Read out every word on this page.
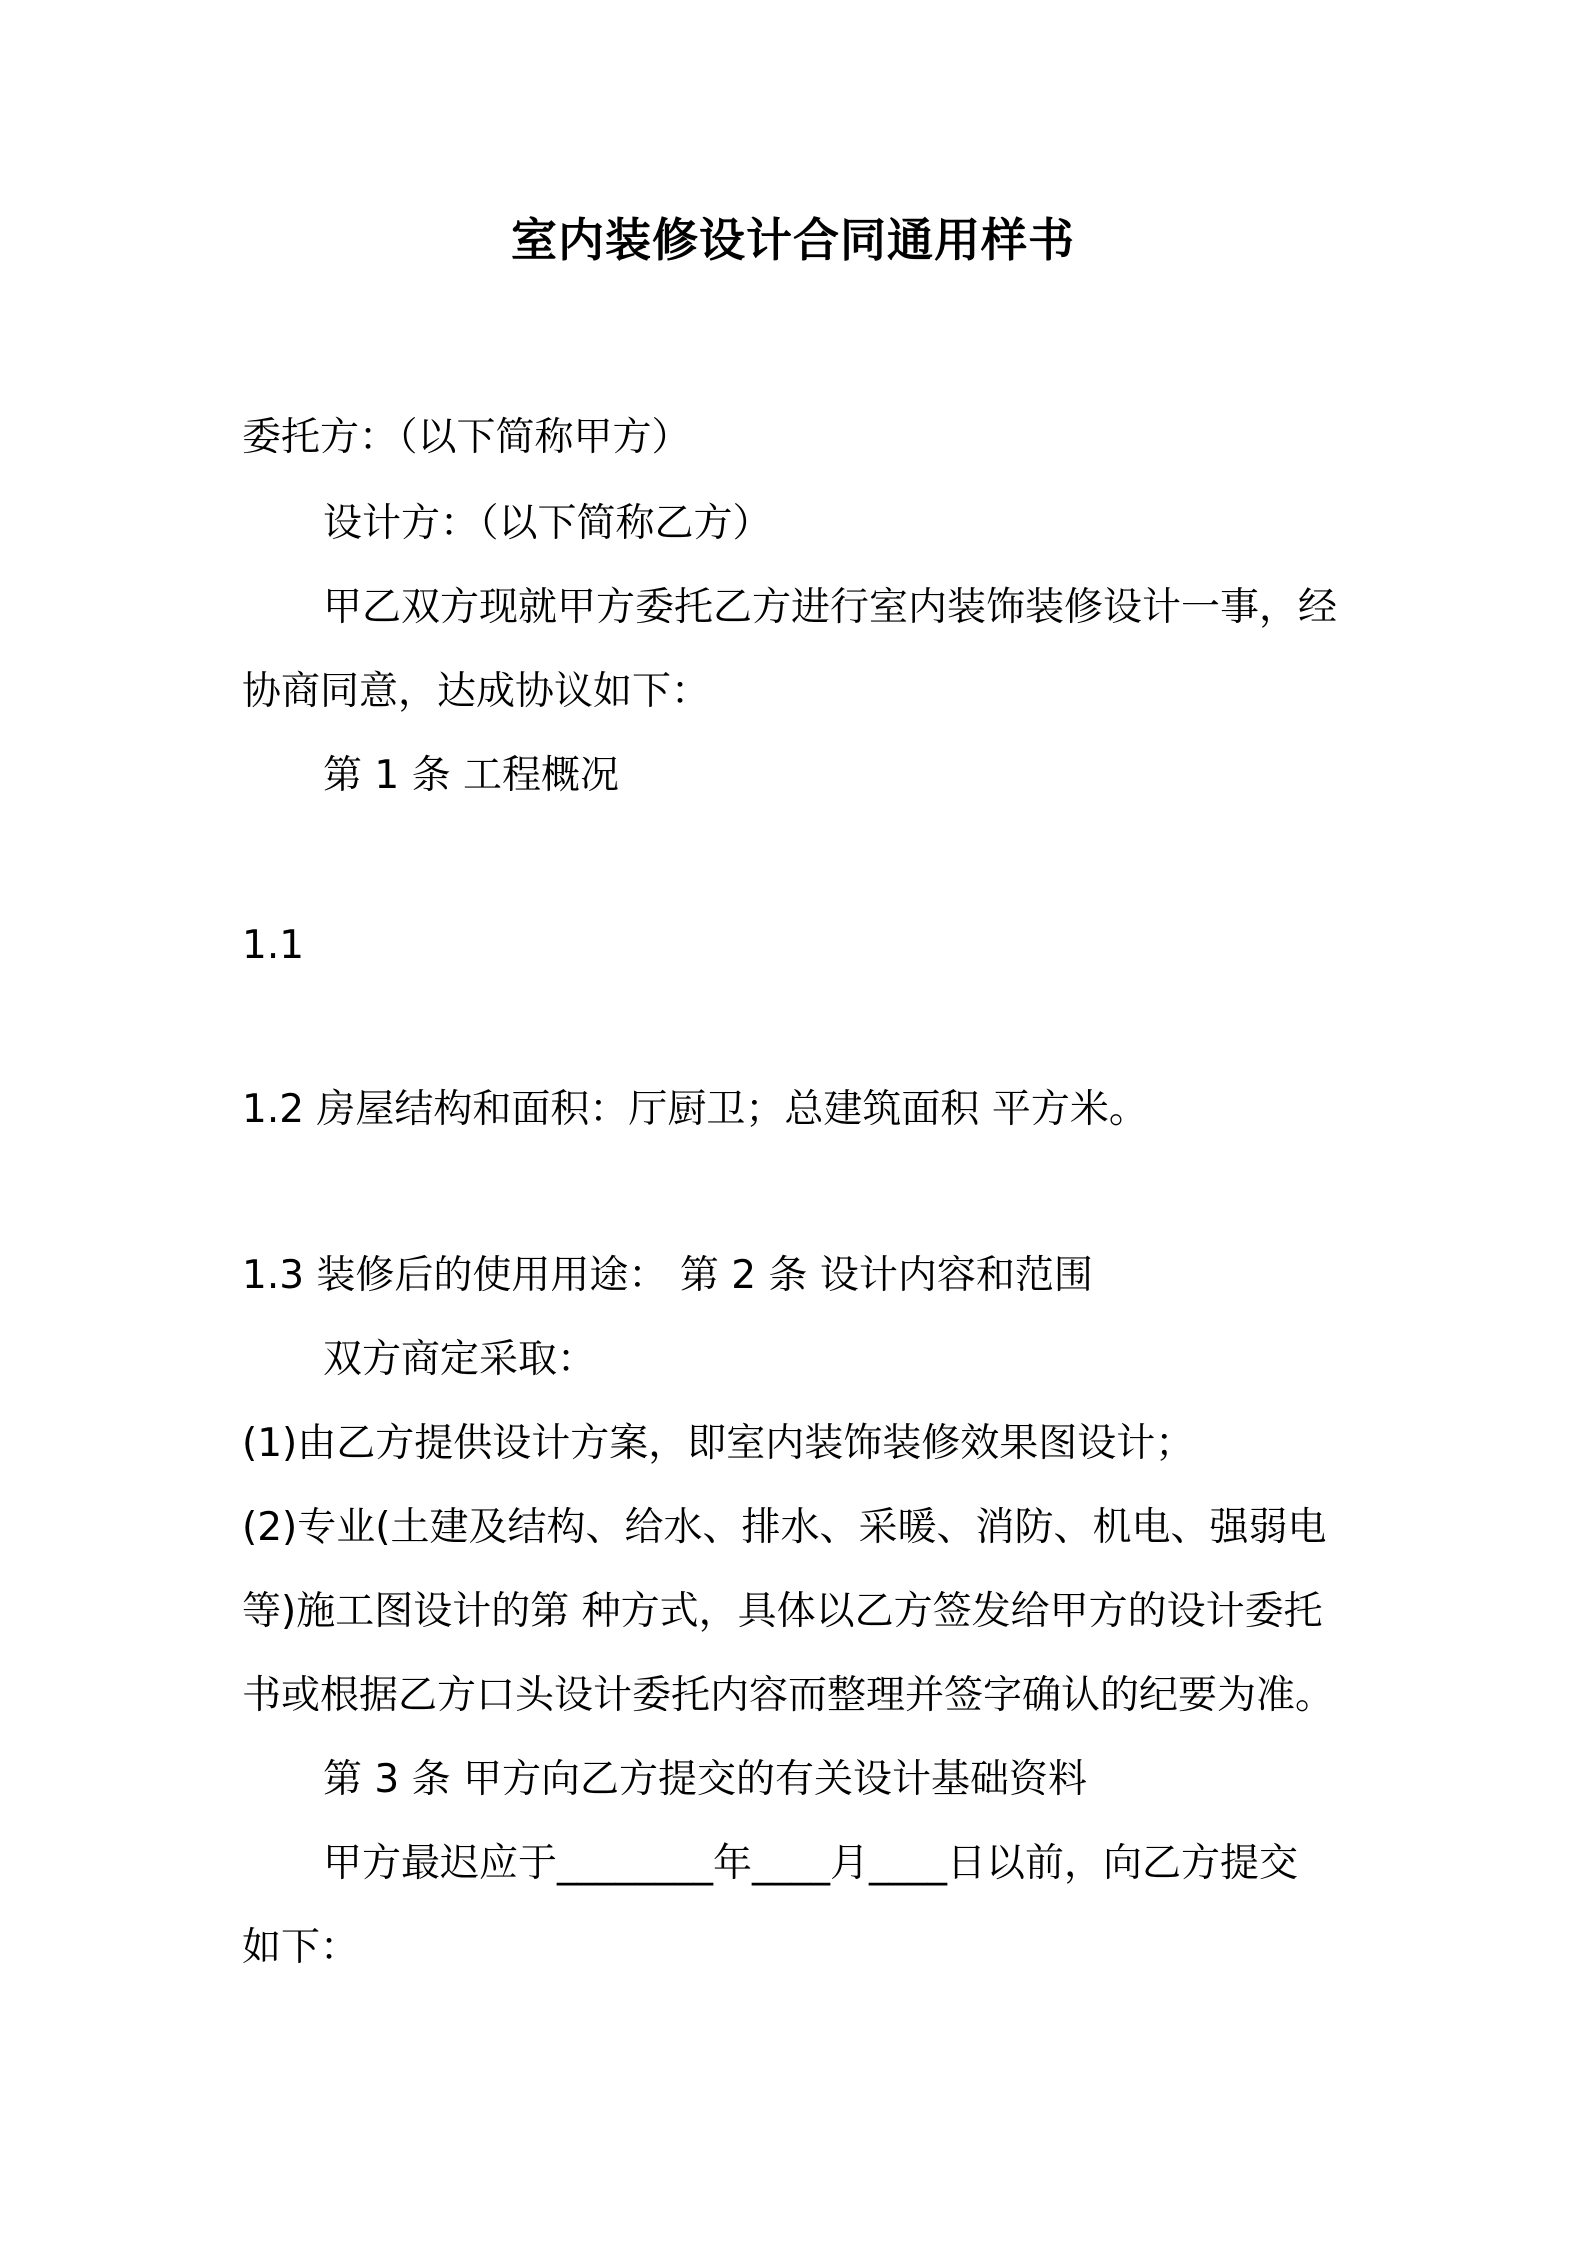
室内装修设计合同通用样书
委托方：（以下简称甲方）
设计方：（以下简称乙方）
甲乙双方现就甲方委托乙方进行室内装饰装修设计一事，经
协商同意，达成协议如下：
第 1 条 工程概况
1.1
1.2 房屋结构和面积：厅厨卫；总建筑面积 平方米。
1.3 装修后的使用用途： 第 2 条 设计内容和范围
双方商定采取：
(1)由乙方提供设计方案，即室内装饰装修效果图设计；
(2)专业(土建及结构、给水、排水、采暖、消防、机电、强弱电
等)施工图设计的第 种方式，具体以乙方签发给甲方的设计委托
书或根据乙方口头设计委托内容而整理并签字确认的纪要为准。
第 3 条 甲方向乙方提交的有关设计基础资料
甲方最迟应于________年____月____日以前，向乙方提交
如下：
